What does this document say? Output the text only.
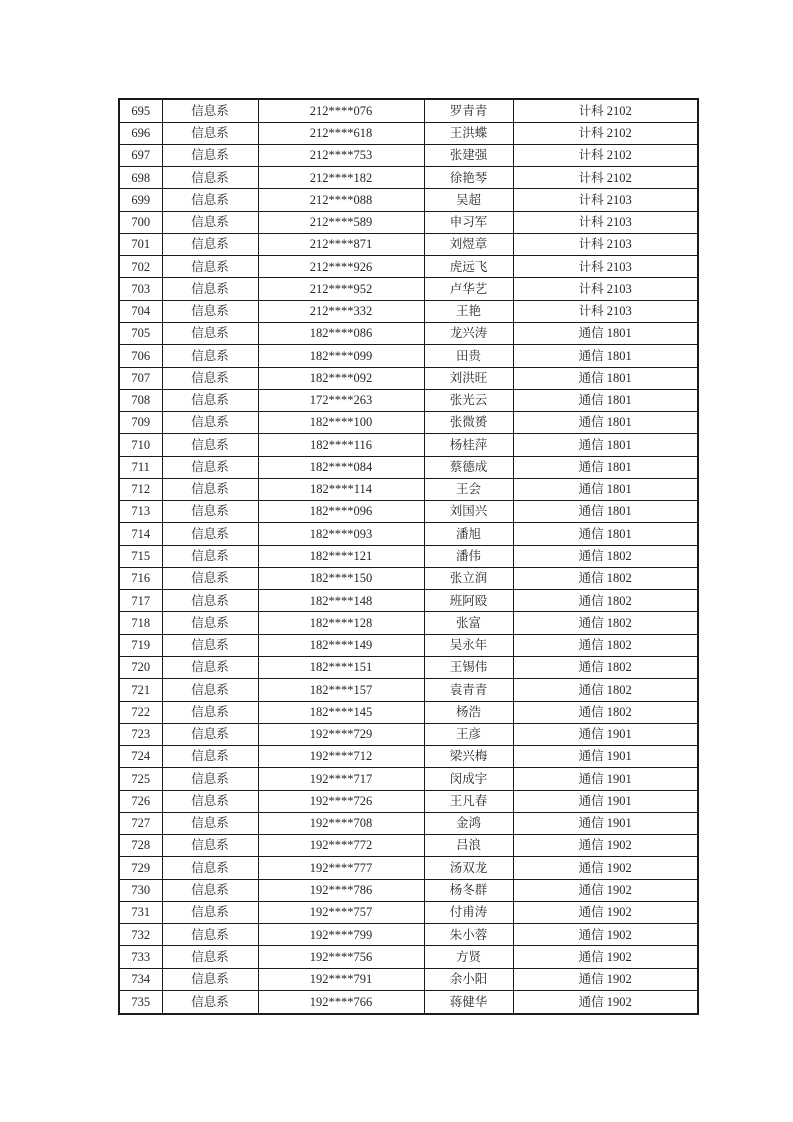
695	信息系	212****076	罗青青	计科 2102
696	信息系	212****618	王洪蝶	计科 2102
697	信息系	212****753	张建强	计科 2102
698	信息系	212****182	徐艳琴	计科 2102
699	信息系	212****088	吴超	计科 2103
700	信息系	212****589	申习军	计科 2103
701	信息系	212****871	刘煜章	计科 2103
702	信息系	212****926	虎远飞	计科 2103
703	信息系	212****952	卢华艺	计科 2103
704	信息系	212****332	王艳	计科 2103
705	信息系	182****086	龙兴涛	通信 1801
706	信息系	182****099	田贵	通信 1801
707	信息系	182****092	刘洪旺	通信 1801
708	信息系	172****263	张光云	通信 1801
709	信息系	182****100	张微赟	通信 1801
710	信息系	182****116	杨桂萍	通信 1801
711	信息系	182****084	蔡德成	通信 1801
712	信息系	182****114	王会	通信 1801
713	信息系	182****096	刘国兴	通信 1801
714	信息系	182****093	潘旭	通信 1801
715	信息系	182****121	潘伟	通信 1802
716	信息系	182****150	张立润	通信 1802
717	信息系	182****148	班阿殴	通信 1802
718	信息系	182****128	张富	通信 1802
719	信息系	182****149	吴永年	通信 1802
720	信息系	182****151	王锡伟	通信 1802
721	信息系	182****157	袁青青	通信 1802
722	信息系	182****145	杨浩	通信 1802
723	信息系	192****729	王彦	通信 1901
724	信息系	192****712	梁兴梅	通信 1901
725	信息系	192****717	闵成宇	通信 1901
726	信息系	192****726	王凡春	通信 1901
727	信息系	192****708	金鸿	通信 1901
728	信息系	192****772	吕浪	通信 1902
729	信息系	192****777	汤双龙	通信 1902
730	信息系	192****786	杨冬群	通信 1902
731	信息系	192****757	付甫涛	通信 1902
732	信息系	192****799	朱小蓉	通信 1902
733	信息系	192****756	方贤	通信 1902
734	信息系	192****791	余小阳	通信 1902
735	信息系	192****766	蒋健华	通信 1902
